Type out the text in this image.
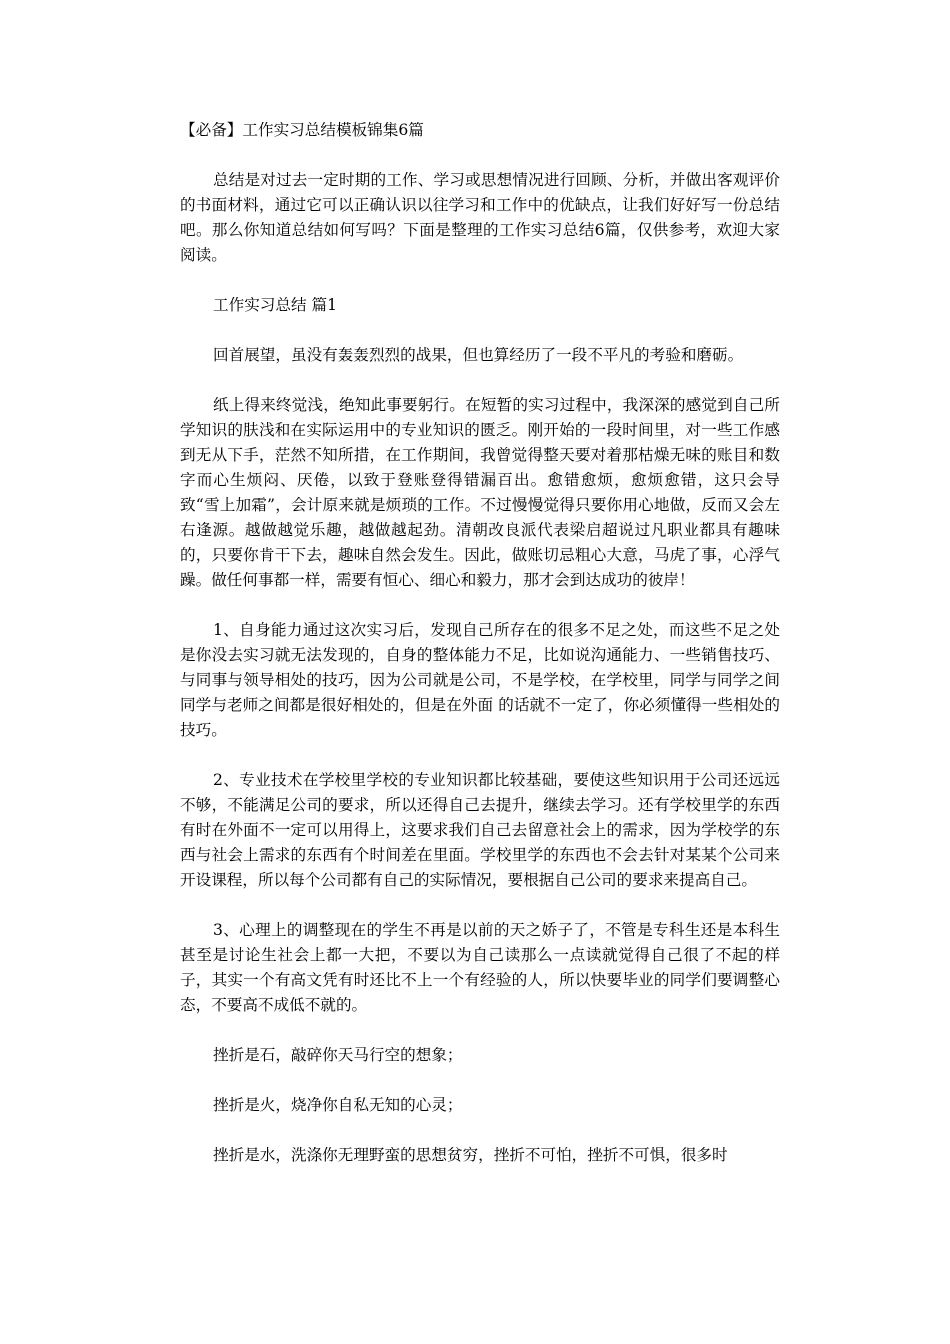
【必备】工作实习总结模板锦集6篇

总结是对过去一定时期的工作、学习或思想情况进行回顾、分析，并做出客观评价的书面材料，通过它可以正确认识以往学习和工作中的优缺点，让我们好好写一份总结吧。那么你知道总结如何写吗？下面是整理的工作实习总结6篇，仅供参考，欢迎大家阅读。

工作实习总结 篇1

回首展望，虽没有轰轰烈烈的战果，但也算经历了一段不平凡的考验和磨砺。

纸上得来终觉浅，绝知此事要躬行。在短暂的实习过程中，我深深的感觉到自己所学知识的肤浅和在实际运用中的专业知识的匮乏。刚开始的一段时间里，对一些工作感到无从下手，茫然不知所措，在工作期间，我曾觉得整天要对着那枯燥无味的账目和数字而心生烦闷、厌倦，以致于登账登得错漏百出。愈错愈烦，愈烦愈错，这只会导致“雪上加霜”，会计原来就是烦琐的工作。不过慢慢觉得只要你用心地做，反而又会左右逢源。越做越觉乐趣，越做越起劲。清朝改良派代表梁启超说过凡职业都具有趣味的，只要你肯干下去，趣味自然会发生。因此，做账切忌粗心大意，马虎了事，心浮气躁。做任何事都一样，需要有恒心、细心和毅力，那才会到达成功的彼岸！

1、自身能力通过这次实习后，发现自己所存在的很多不足之处，而这些不足之处是你没去实习就无法发现的，自身的整体能力不足，比如说沟通能力、一些销售技巧、与同事与领导相处的技巧，因为公司就是公司，不是学校，在学校里，同学与同学之间同学与老师之间都是很好相处的，但是在外面 的话就不一定了，你必须懂得一些相处的技巧。

2、专业技术在学校里学校的专业知识都比较基础，要使这些知识用于公司还远远不够，不能满足公司的要求，所以还得自己去提升，继续去学习。还有学校里学的东西有时在外面不一定可以用得上，这要求我们自己去留意社会上的需求，因为学校学的东西与社会上需求的东西有个时间差在里面。学校里学的东西也不会去针对某某个公司来开设课程，所以每个公司都有自己的实际情况，要根据自己公司的要求来提高自己。

3、心理上的调整现在的学生不再是以前的天之娇子了，不管是专科生还是本科生甚至是讨论生社会上都一大把，不要以为自己读那么一点读就觉得自己很了不起的样子，其实一个有高文凭有时还比不上一个有经验的人，所以快要毕业的同学们要调整心态，不要高不成低不就的。

挫折是石，敲碎你天马行空的想象；

挫折是火，烧净你自私无知的心灵；

挫折是水，洗涤你无理野蛮的思想贫穷，挫折不可怕，挫折不可惧，很多时
